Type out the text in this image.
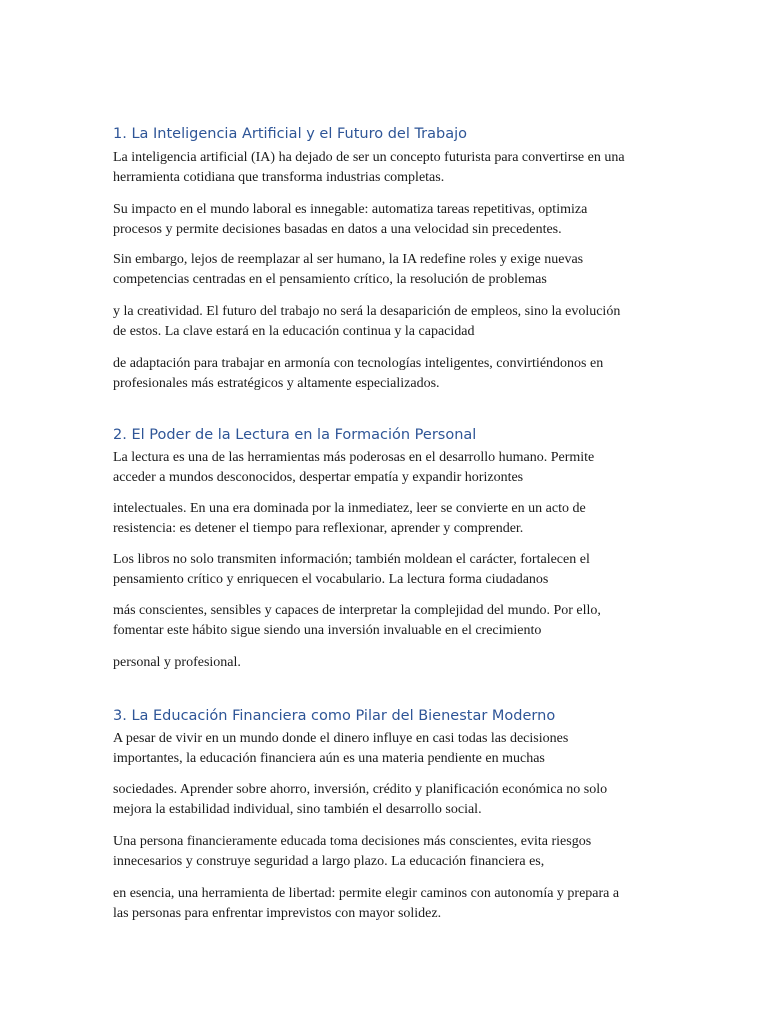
1. La Inteligencia Artificial y el Futuro del Trabajo
La inteligencia artificial (IA) ha dejado de ser un concepto futurista para convertirse en una
herramienta cotidiana que transforma industrias completas.
Su impacto en el mundo laboral es innegable: automatiza tareas repetitivas, optimiza
procesos y permite decisiones basadas en datos a una velocidad sin precedentes.
Sin embargo, lejos de reemplazar al ser humano, la IA redefine roles y exige nuevas
competencias centradas en el pensamiento crítico, la resolución de problemas
y la creatividad. El futuro del trabajo no será la desaparición de empleos, sino la evolución
de estos. La clave estará en la educación continua y la capacidad
de adaptación para trabajar en armonía con tecnologías inteligentes, convirtiéndonos en
profesionales más estratégicos y altamente especializados.
2. El Poder de la Lectura en la Formación Personal
La lectura es una de las herramientas más poderosas en el desarrollo humano. Permite
acceder a mundos desconocidos, despertar empatía y expandir horizontes
intelectuales. En una era dominada por la inmediatez, leer se convierte en un acto de
resistencia: es detener el tiempo para reflexionar, aprender y comprender.
Los libros no solo transmiten información; también moldean el carácter, fortalecen el
pensamiento crítico y enriquecen el vocabulario. La lectura forma ciudadanos
más conscientes, sensibles y capaces de interpretar la complejidad del mundo. Por ello,
fomentar este hábito sigue siendo una inversión invaluable en el crecimiento
personal y profesional.
3. La Educación Financiera como Pilar del Bienestar Moderno
A pesar de vivir en un mundo donde el dinero influye en casi todas las decisiones
importantes, la educación financiera aún es una materia pendiente en muchas
sociedades. Aprender sobre ahorro, inversión, crédito y planificación económica no solo
mejora la estabilidad individual, sino también el desarrollo social.
Una persona financieramente educada toma decisiones más conscientes, evita riesgos
innecesarios y construye seguridad a largo plazo. La educación financiera es,
en esencia, una herramienta de libertad: permite elegir caminos con autonomía y prepara a
las personas para enfrentar imprevistos con mayor solidez.
